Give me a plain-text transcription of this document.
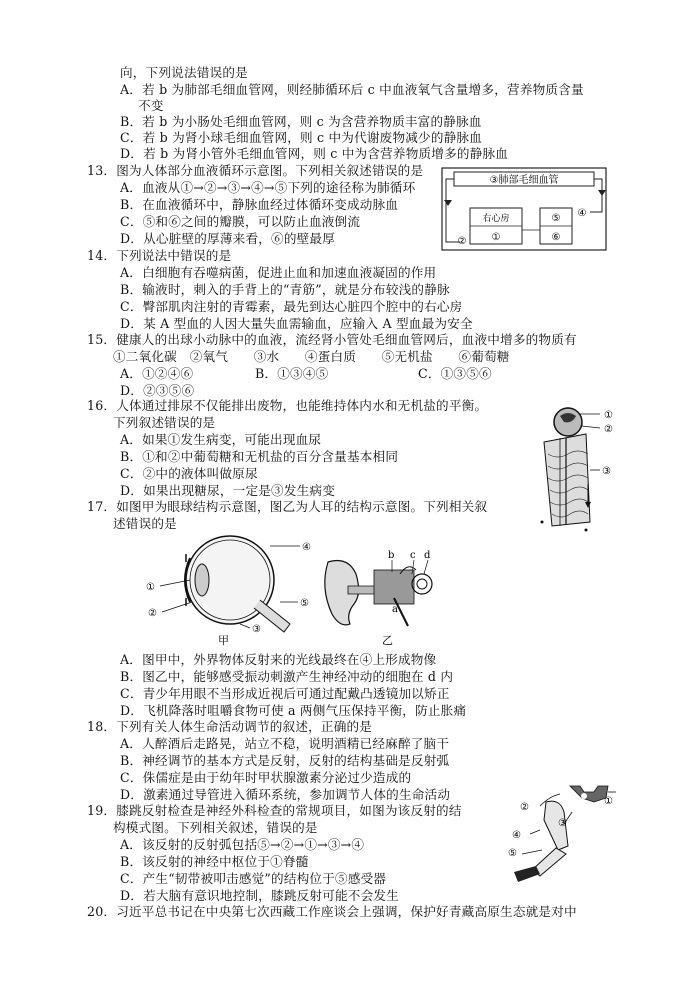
向，下列说法错误的是
A．若 b 为肺部毛细血管网，则经肺循环后 c 中血液氧气含量增多，营养物质含量
不变
B．若 b 为小肠处毛细血管网，则 c 为含营养物质丰富的静脉血
C．若 b 为肾小球毛细血管网，则 c 中为代谢废物减少的静脉血
D．若 b 为肾小管外毛细血管网，则 c 中为含营养物质增多的静脉血
13．图为人体部分血液循环示意图。下列相关叙述错误的是
A．血液从①→②→③→④→⑤下列的途径称为肺循环
B．在血液循环中，静脉血经过体循环变成动脉血
C．⑤和⑥之间的瓣膜，可以防止血液倒流
D．从心脏壁的厚薄来看，⑥的壁最厚
③肺部毛细血管
右心房
①
②
⑤
⑥
④
14．下列说法中错误的是
A．白细胞有吞噬病菌，促进止血和加速血液凝固的作用
B．输液时，刺入的手背上的“青筋”，就是分布较浅的静脉
C．臀部肌肉注射的青霉素，最先到达心脏四个腔中的右心房
D．某 A 型血的人因大量失血需输血，应输入 A 型血最为安全
15．健康人的出球小动脉中的血液，流经肾小管处毛细血管网后，血液中增多的物质有
①二氧化碳　②氧气　　③水　　④蛋白质　　⑤无机盐　　⑥葡萄糖
A．①②④⑥	B．①③④⑤	C．①③⑤⑥
D．②③⑤⑥
16．人体通过排尿不仅能排出废物，也能维持体内水和无机盐的平衡。
下列叙述错误的是
A．如果①发生病变，可能出现血尿
B．①和②中葡萄糖和无机盐的百分含量基本相同
C．②中的液体叫做原尿
D．如果出现糖尿，一定是③发生病变
①
②
③
17．如图甲为眼球结构示意图，图乙为人耳的结构示意图。下列相关叙
述错误的是
④
①
②
③
⑤
甲
b c d
a
乙
A．图甲中，外界物体反射来的光线最终在④上形成物像
B．图乙中，能够感受振动刺激产生神经冲动的细胞在 d 内
C．青少年用眼不当形成近视后可通过配戴凸透镜加以矫正
D．飞机降落时咀嚼食物可使 a 两侧气压保持平衡，防止胀痛
18．下列有关人体生命活动调节的叙述，正确的是
A．人醉酒后走路晃，站立不稳，说明酒精已经麻醉了脑干
B．神经调节的基本方式是反射，反射的结构基础是反射弧
C．侏儒症是由于幼年时甲状腺激素分泌过少造成的
D．激素通过导管进入循环系统，参加调节人体的生命活动
19．膝跳反射检查是神经外科检查的常规项目，如图为该反射的结
构模式图。下列相关叙述，错误的是
A．该反射的反射弧包括⑤→②→①→③→④
B．该反射的神经中枢位于①脊髓
C．产生“韧带被叩击感觉”的结构位于⑤感受器
D．若大脑有意识地控制，膝跳反射可能不会发生
①
②
③
④
⑤
20．习近平总书记在中央第七次西藏工作座谈会上强调，保护好青藏高原生态就是对中
